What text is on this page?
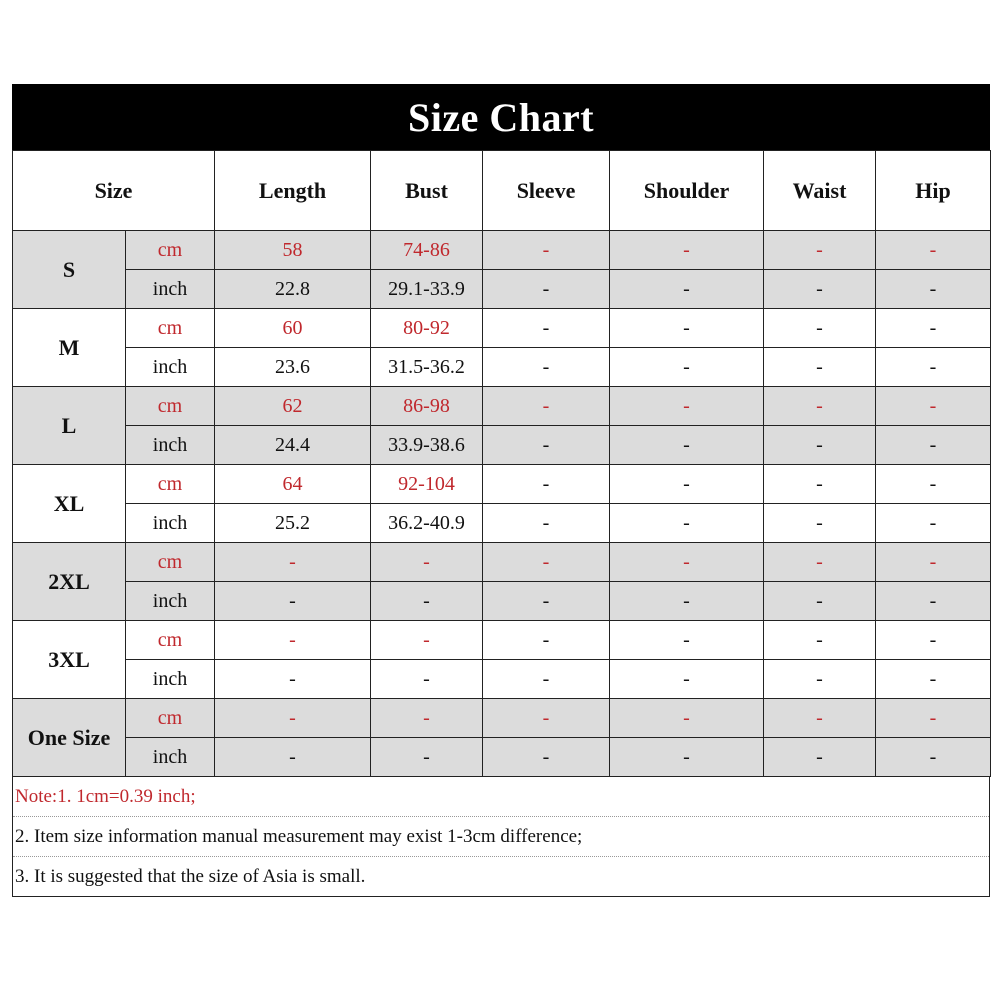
Size Chart
Size		Length	Bust	Sleeve	Shoulder	Waist	Hip
S	cm	58	74-86	-	-	-	-
	inch	22.8	29.1-33.9	-	-	-	-
M	cm	60	80-92	-	-	-	-
	inch	23.6	31.5-36.2	-	-	-	-
L	cm	62	86-98	-	-	-	-
	inch	24.4	33.9-38.6	-	-	-	-
XL	cm	64	92-104	-	-	-	-
	inch	25.2	36.2-40.9	-	-	-	-
2XL	cm	-	-	-	-	-	-
	inch	-	-	-	-	-	-
3XL	cm	-	-	-	-	-	-
	inch	-	-	-	-	-	-
One Size	cm	-	-	-	-	-	-
	inch	-	-	-	-	-	-
Note:1. 1cm=0.39 inch;
2. Item size information manual measurement may exist 1-3cm difference;
3. It is suggested that the size of Asia is small.
